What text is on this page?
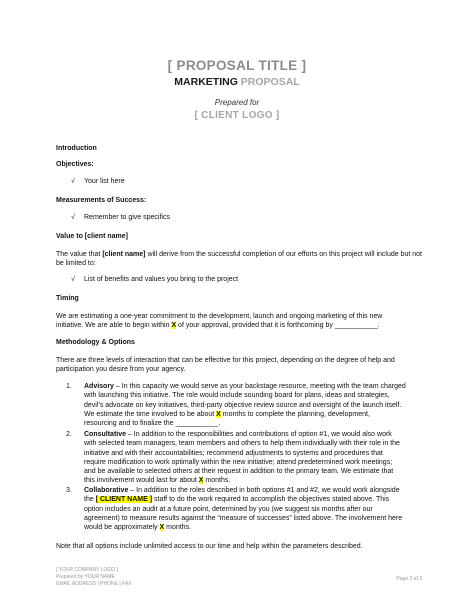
[ PROPOSAL TITLE ]
MARKETING PROPOSAL
Prepared for
[ CLIENT LOGO ]
Introduction
Objectives:
√ Your list here
Measurements of Success:
√ Remember to give specifics
Value to [client name]
The value that [client name] will derive from the successful completion of our efforts on this project will include but not be limited to:
√ List of benefits and values you bring to the project
Timing
We are estimating a one-year commitment to the development, launch and ongoing marketing of this new
initiative. We are able to begin within X of your approval, provided that it is forthcoming by ___________.
Methodology & Options
There are three levels of interaction that can be effective for this project, depending on the degree of help and participation you desire from your agency.
1. Advisory – In this capacity we would serve as your backstage resource, meeting with the team charged
with launching this initiative. The role would include sounding board for plans, ideas and strategies,
devil’s advocate on key initiatives, third-party objective review source and oversight of the launch itself.
We estimate the time involved to be about X months to complete the planning, development,
resourcing and to finalize the ___________.
2. Consultative – In addition to the responsibilities and contributions of option #1, we would also work
with selected team managers, team members and others to help them individually with their role in the
initiative and with their accountabilities; recommend adjustments to systems and procedures that
require modification to work optimally within the new initiative; attend predetermined work meetings;
and be available to selected others at their request in addition to the primary team. We estimate that
this involvement would last for about X months.
3. Collaborative – In addition to the roles described in both options #1 and #2, we would work alongside
the [ CLIENT NAME ] staff to do the work required to accomplish the objectives stated above. This
option includes an audit at a future point, determined by you (we suggest six months after our
agreement) to measure results against the “measure of successes” listed above. The involvement here
would be approximately X months.
Note that all options include unlimited access to our time and help within the parameters described.
[ YOUR COMPANY LOGO ]
Prepared by YOUR NAME
EMAIL ADDRESS | PHONE | FAX
Page 2 of 3
